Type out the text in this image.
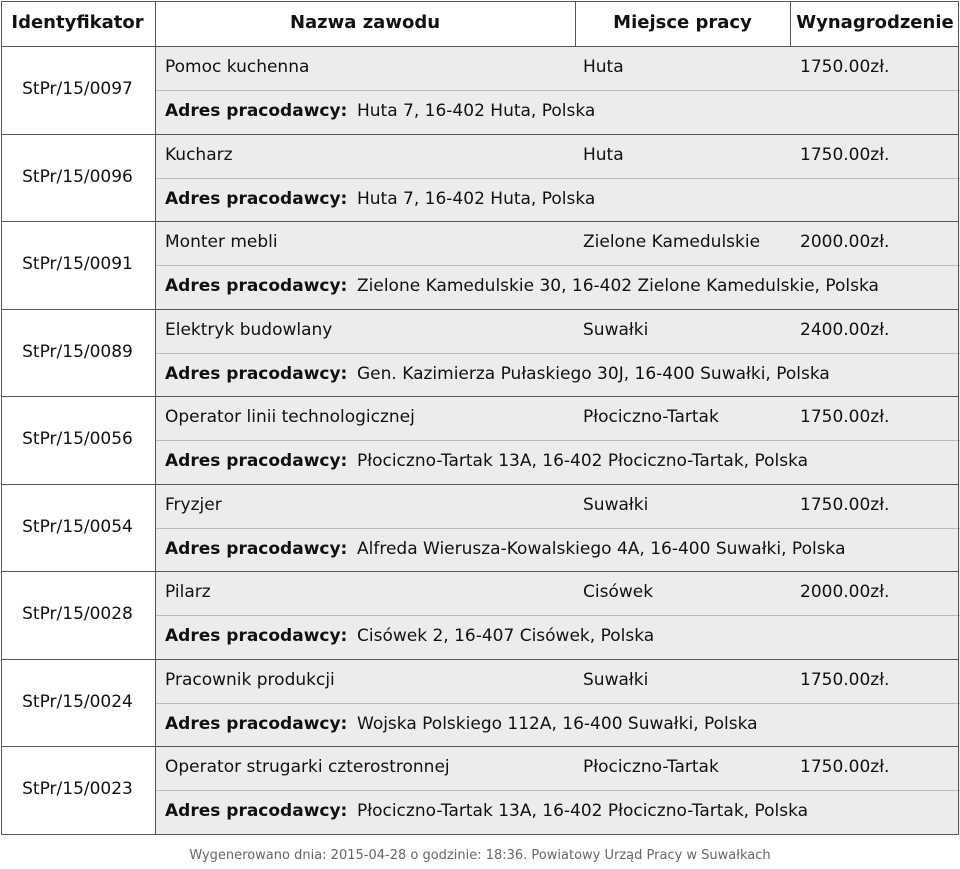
Identyfikator	Nazwa zawodu	Miejsce pracy	Wynagrodzenie
StPr/15/0097
Pomoc kuchenna	Huta	1750.00zł.
Adres pracodawcy: Huta 7, 16-402 Huta, Polska
StPr/15/0096
Kucharz	Huta	1750.00zł.
Adres pracodawcy: Huta 7, 16-402 Huta, Polska
StPr/15/0091
Monter mebli	Zielone Kamedulskie 2000.00zł.
Adres pracodawcy: Zielone Kamedulskie 30, 16-402 Zielone Kamedulskie, Polska
StPr/15/0089
Elektryk budowlany	Suwałki	2400.00zł.
Adres pracodawcy: Gen. Kazimierza Pułaskiego 30J, 16-400 Suwałki, Polska
StPr/15/0056
Operator linii technologicznej	Płociczno-Tartak	1750.00zł.
Adres pracodawcy: Płociczno-Tartak 13A, 16-402 Płociczno-Tartak, Polska
StPr/15/0054
Fryzjer	Suwałki	1750.00zł.
Adres pracodawcy: Alfreda Wierusza-Kowalskiego 4A, 16-400 Suwałki, Polska
StPr/15/0028
Pilarz	Cisówek	2000.00zł.
Adres pracodawcy: Cisówek 2, 16-407 Cisówek, Polska
StPr/15/0024
Pracownik produkcji	Suwałki	1750.00zł.
Adres pracodawcy: Wojska Polskiego 112A, 16-400 Suwałki, Polska
StPr/15/0023
Operator strugarki czterostronnej	Płociczno-Tartak	1750.00zł.
Adres pracodawcy: Płociczno-Tartak 13A, 16-402 Płociczno-Tartak, Polska
Wygenerowano dnia: 2015-04-28 o godzinie: 18:36. Powiatowy Urząd Pracy w Suwałkach
